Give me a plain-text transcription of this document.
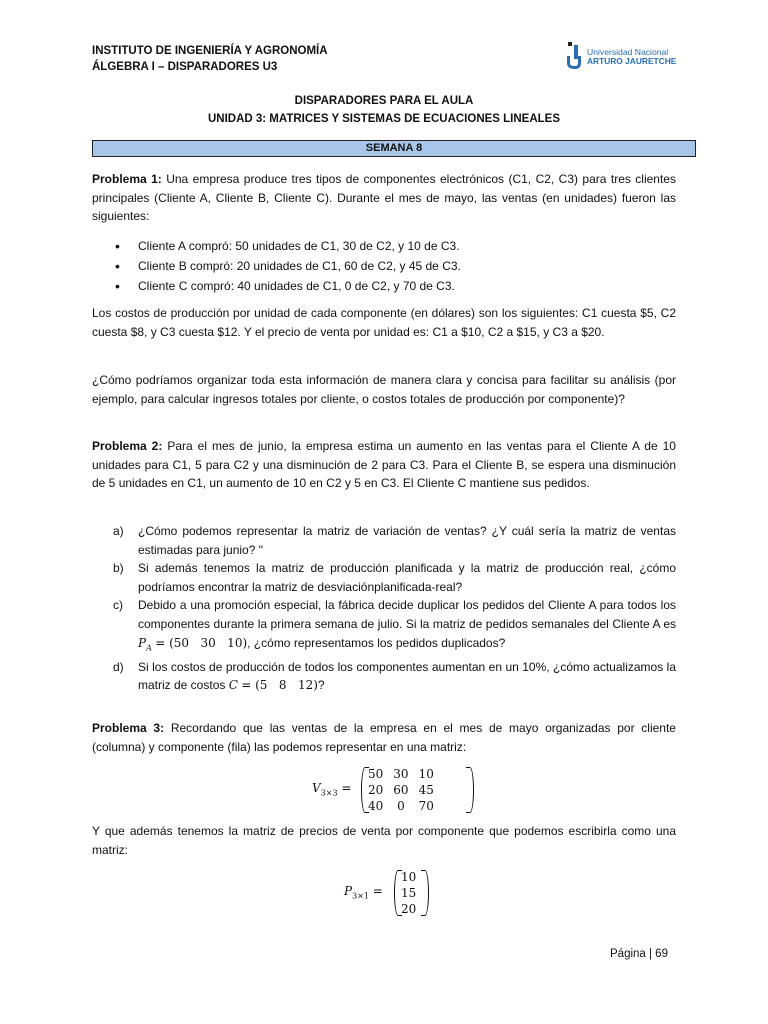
INSTITUTO DE INGENIERÍA Y AGRONOMÍA
ÁLGEBRA I – DISPARADORES U3
Universidad Nacional
ARTURO JAURETCHE
DISPARADORES PARA EL AULA
UNIDAD 3: MATRICES Y SISTEMAS DE ECUACIONES LINEALES
SEMANA 8
Problema 1: Una empresa produce tres tipos de componentes electrónicos (C1, C2, C3) para tres clientes principales (Cliente A, Cliente B, Cliente C). Durante el mes de mayo, las ventas (en unidades) fueron las siguientes:
• Cliente A compró: 50 unidades de C1, 30 de C2, y 10 de C3.
• Cliente B compró: 20 unidades de C1, 60 de C2, y 45 de C3.
• Cliente C compró: 40 unidades de C1, 0 de C2, y 70 de C3.
Los costos de producción por unidad de cada componente (en dólares) son los siguientes: C1 cuesta $5, C2 cuesta $8, y C3 cuesta $12. Y el precio de venta por unidad es: C1 a $10, C2 a $15, y C3 a $20.
¿Cómo podríamos organizar toda esta información de manera clara y concisa para facilitar su análisis (por ejemplo, para calcular ingresos totales por cliente, o costos totales de producción por componente)?
Problema 2: Para el mes de junio, la empresa estima un aumento en las ventas para el Cliente A de 10 unidades para C1, 5 para C2 y una disminución de 2 para C3. Para el Cliente B, se espera una disminución de 5 unidades en C1, un aumento de 10 en C2 y 5 en C3. El Cliente C mantiene sus pedidos.
a) ¿Cómo podemos representar la matriz de variación de ventas? ¿Y cuál sería la matriz de ventas estimadas para junio? "
b) Si además tenemos la matriz de producción planificada y la matriz de producción real, ¿cómo podríamos encontrar la matriz de desviaciónplanificada-real?
c) Debido a una promoción especial, la fábrica decide duplicar los pedidos del Cliente A para todos los componentes durante la primera semana de julio. Si la matriz de pedidos semanales del Cliente A es $P_A = (50$   30   10), ¿cómo representamos los pedidos duplicados?
d) Si los costos de producción de todos los componentes aumentan en un 10%, ¿cómo actualizamos la matriz de costos C = (5   8   12)?
Problema 3: Recordando que las ventas de la empresa en el mes de mayo organizadas por cliente (columna) y componente (fila) las podemos representar en una matriz:
$V_{3\times 3}$ =
50	30	10
20	60	45
40	0	70
Y que además tenemos la matriz de precios de venta por componente que podemos escribirla como una matriz:
$P_{3\times 1}$ =
10
15
20
Página | 69
